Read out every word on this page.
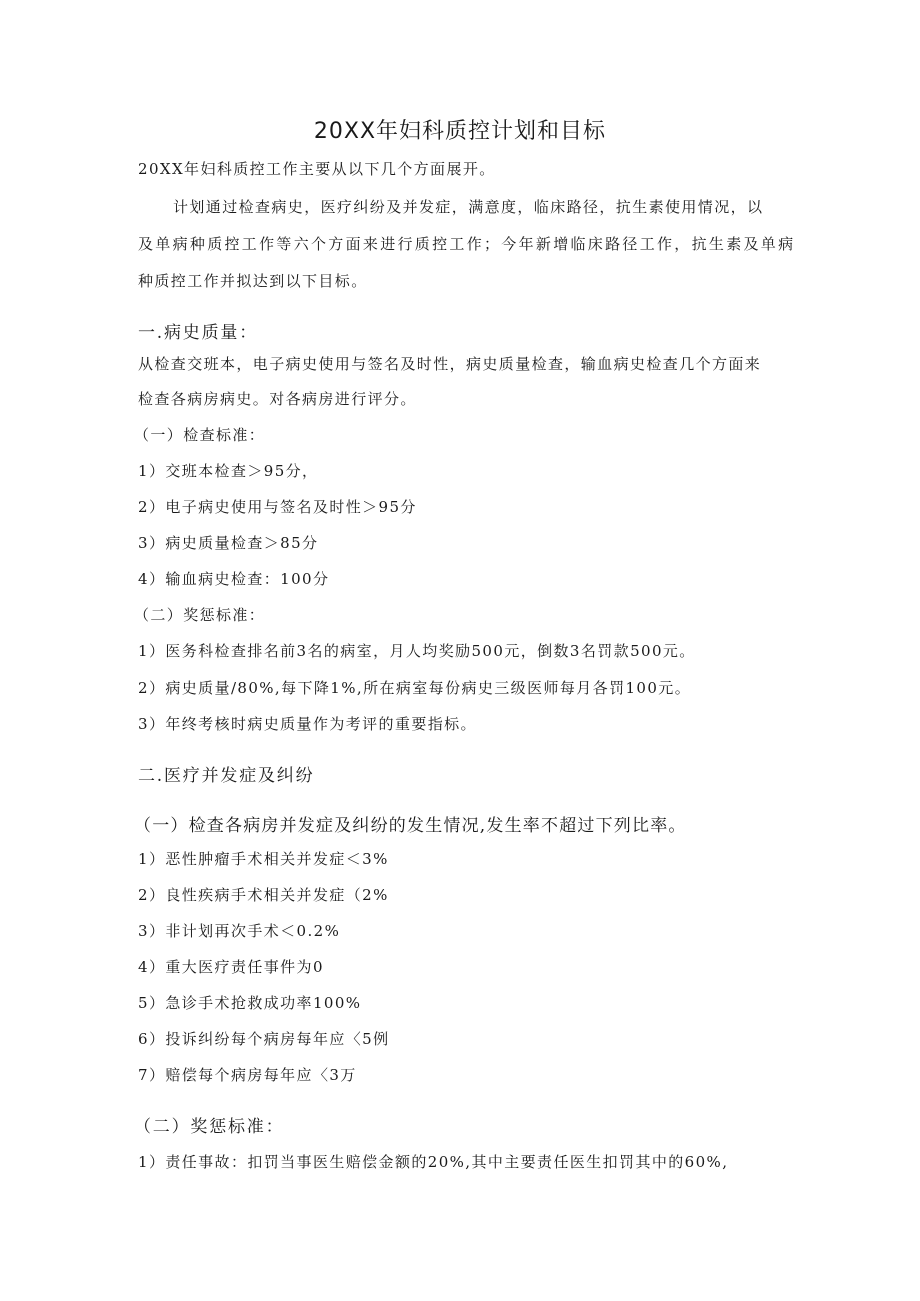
20XX年妇科质控计划和目标
20XX年妇科质控工作主要从以下几个方面展开。
计划通过检查病史，医疗纠纷及并发症，满意度，临床路径，抗生素使用情况，以
及单病种质控工作等六个方面来进行质控工作；今年新增临床路径工作，抗生素及单病
种质控工作并拟达到以下目标。
一.病史质量：
从检查交班本，电子病史使用与签名及时性，病史质量检查，输血病史检查几个方面来
检查各病房病史。对各病房进行评分。
（一）检查标准：
1）交班本检查＞95分，
2）电子病史使用与签名及时性＞95分
3）病史质量检查＞85分
4）输血病史检查：100分
（二）奖惩标准：
1）医务科检查排名前3名的病室，月人均奖励500元，倒数3名罚款500元。
2）病史质量/80%,每下降1%,所在病室每份病史三级医师每月各罚100元。
3）年终考核时病史质量作为考评的重要指标。
二.医疗并发症及纠纷
（一）检查各病房并发症及纠纷的发生情况,发生率不超过下列比率。
1）恶性肿瘤手术相关并发症＜3%
2）良性疾病手术相关并发症（2%
3）非计划再次手术＜0.2%
4）重大医疗责任事件为0
5）急诊手术抢救成功率100%
6）投诉纠纷每个病房每年应〈5例
7）赔偿每个病房每年应〈3万
（二）奖惩标准：
1）责任事故：扣罚当事医生赔偿金额的20%,其中主要责任医生扣罚其中的60%,
